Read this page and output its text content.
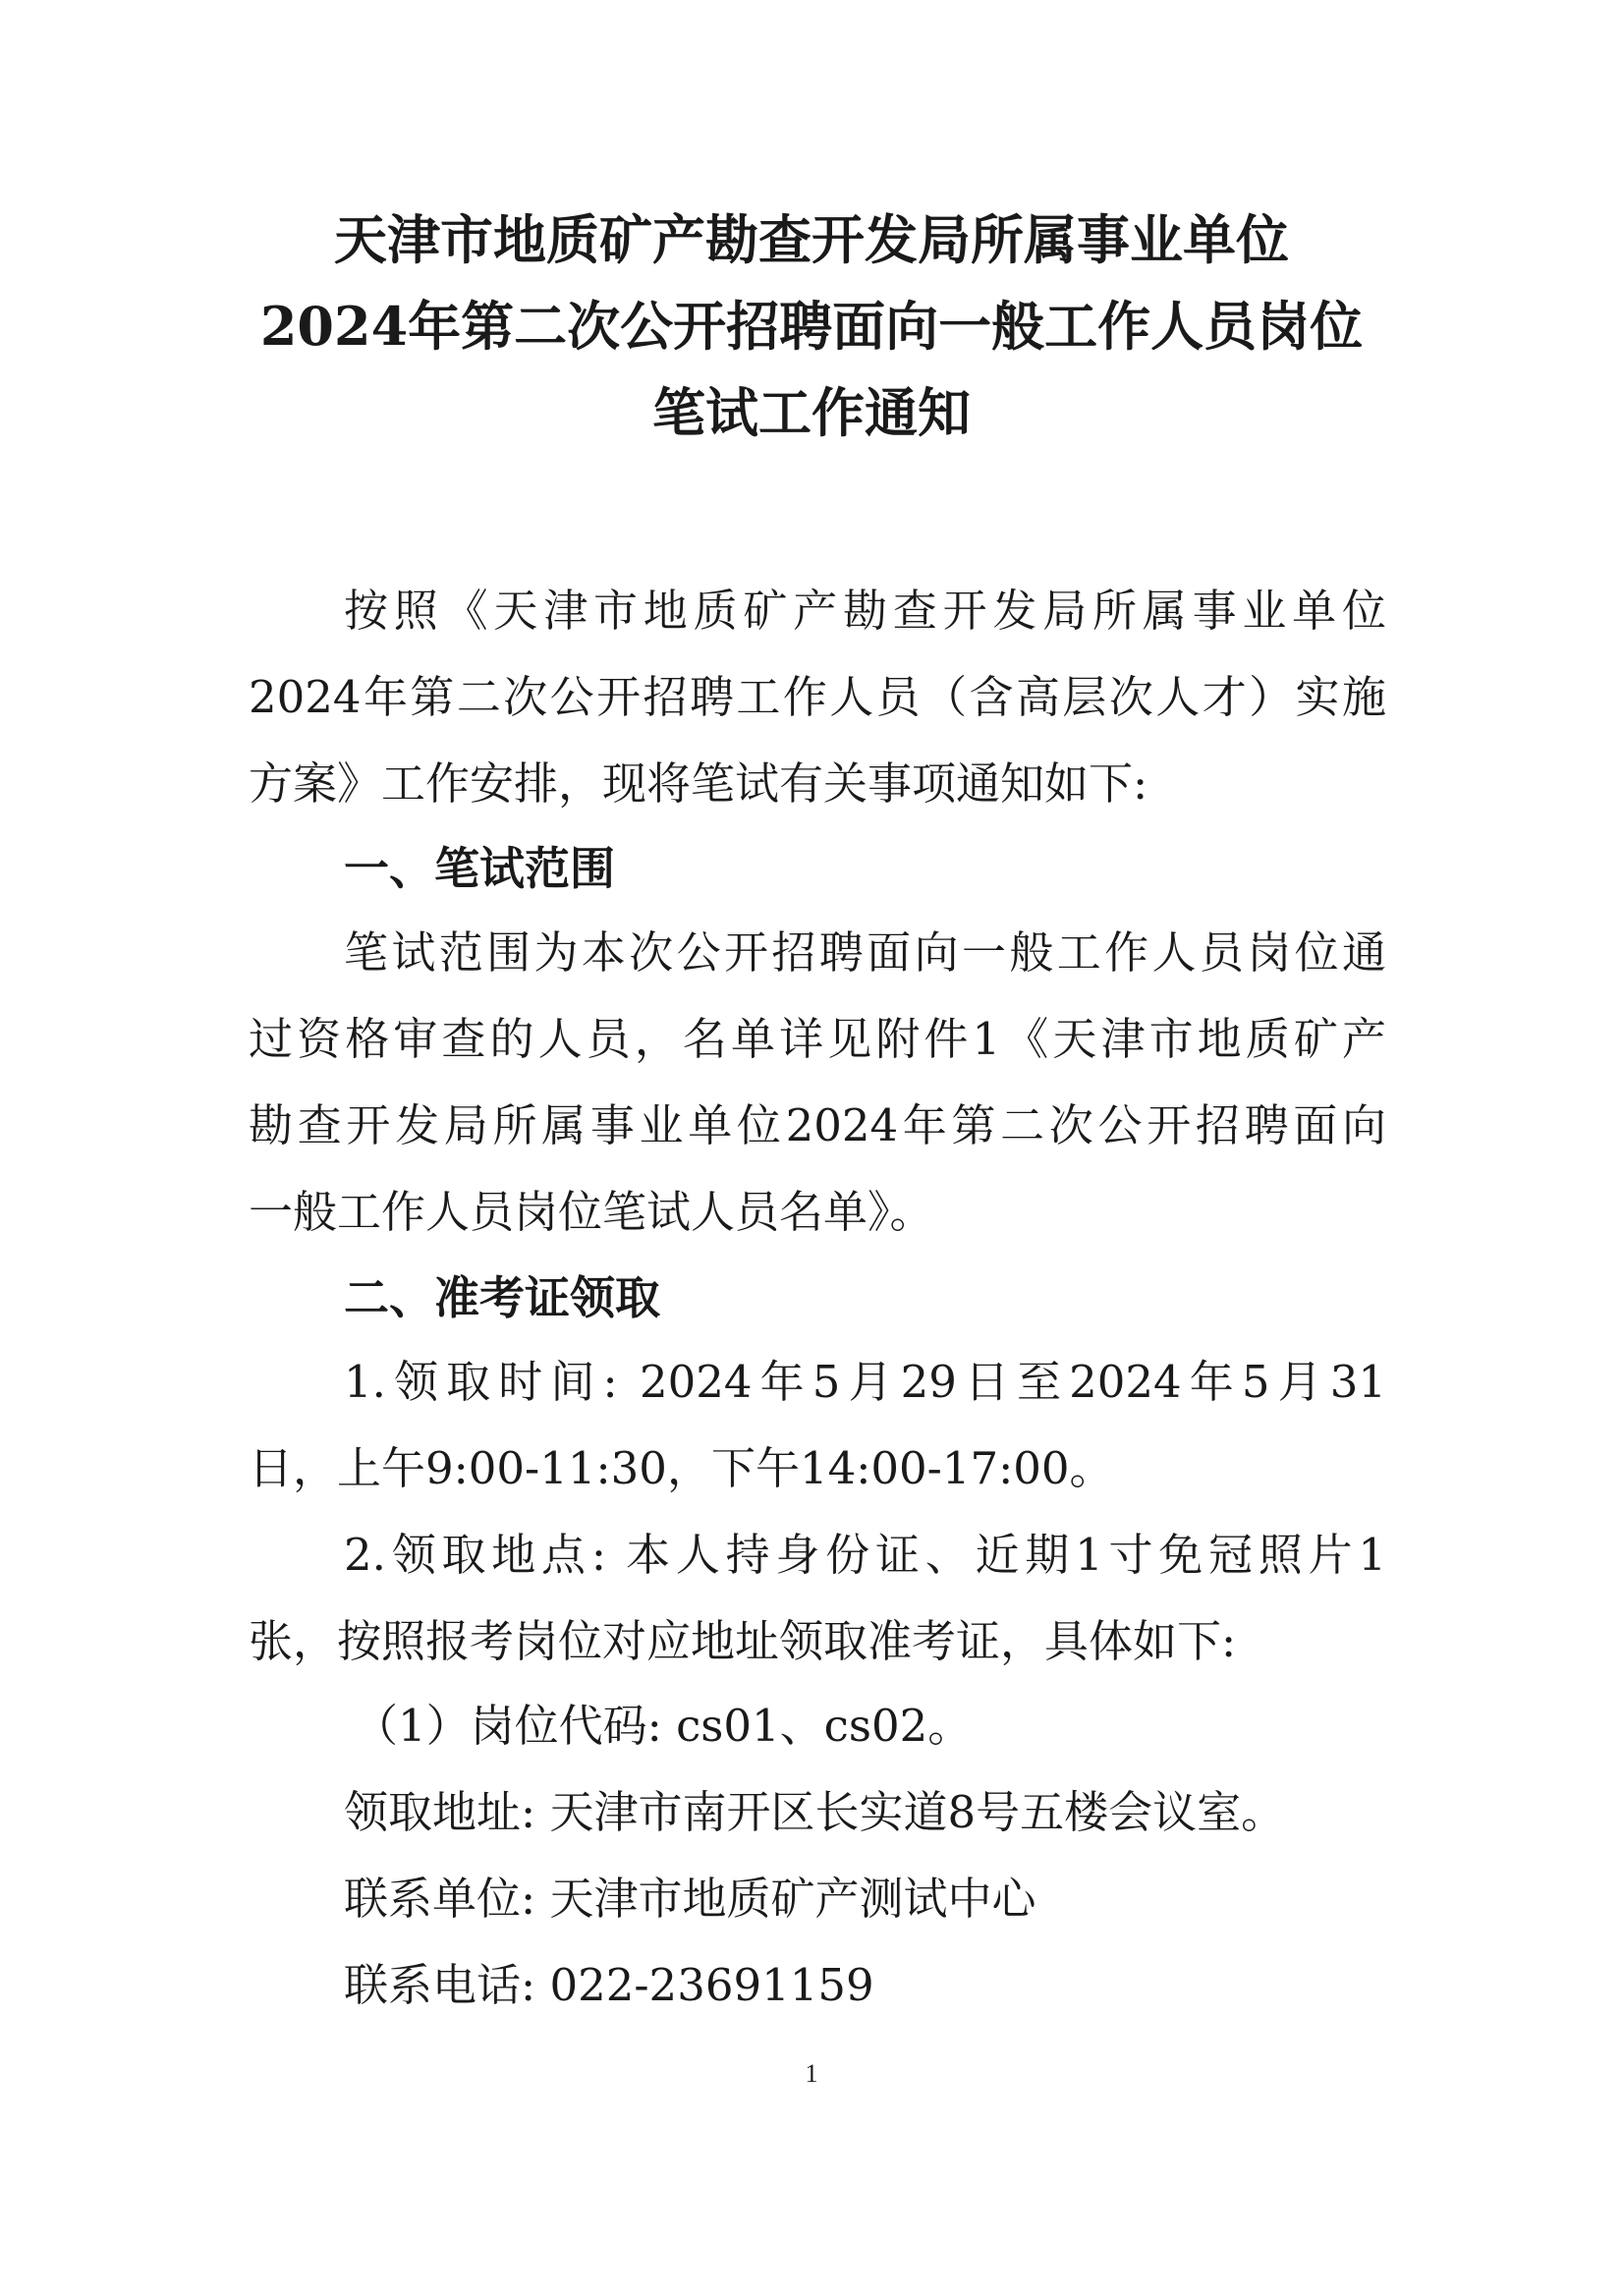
天津市地质矿产勘查开发局所属事业单位
2024年第二次公开招聘面向一般工作人员岗位
笔试工作通知

按照《天津市地质矿产勘查开发局所属事业单位

2024年第二次公开招聘工作人员（含高层次人才）实施

方案》工作安排，现将笔试有关事项通知如下:

一、笔试范围

笔试范围为本次公开招聘面向一般工作人员岗位通

过资格审查的人员，名单详见附件1《天津市地质矿产

勘查开发局所属事业单位2024年第二次公开招聘面向

一般工作人员岗位笔试人员名单》。

二、准考证领取

1.领取时间: 2024年5月29日至2024年5月31

日，上午9:00-11:30，下午14:00-17:00。

2.领取地点: 本人持身份证、近期1寸免冠照片1

张，按照报考岗位对应地址领取准考证，具体如下:

（1）岗位代码: cs01、cs02。

领取地址: 天津市南开区长实道8号五楼会议室。

联系单位: 天津市地质矿产测试中心

联系电话: 022-23691159

1
